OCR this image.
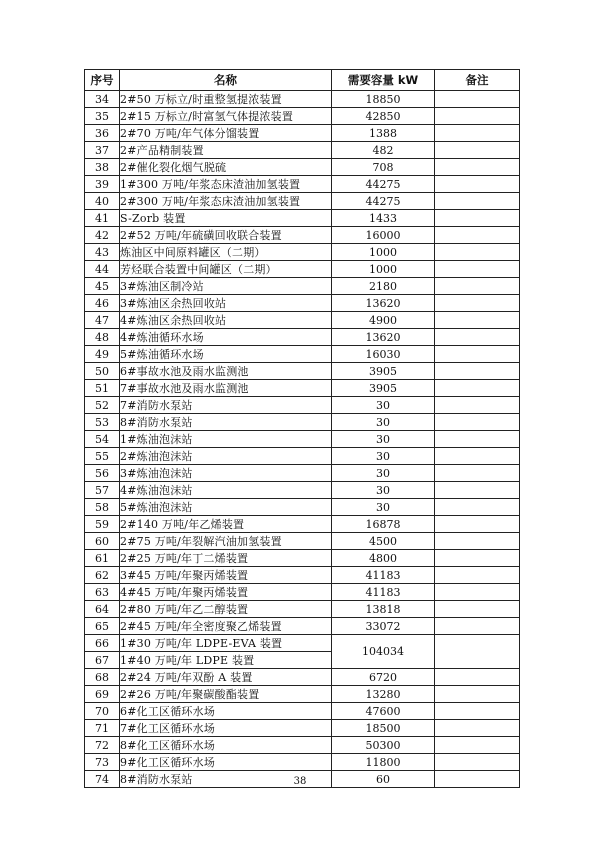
序号	名称	需要容量 kW	备注
34	2#50 万标立/时重整氢提浓装置	18850	
35	2#15 万标立/时富氢气体提浓装置	42850	
36	2#70 万吨/年气体分馏装置	1388	
37	2#产品精制装置	482	
38	2#催化裂化烟气脱硫	708	
39	1#300 万吨/年浆态床渣油加氢装置	44275	
40	2#300 万吨/年浆态床渣油加氢装置	44275	
41	S-Zorb 装置	1433	
42	2#52 万吨/年硫磺回收联合装置	16000	
43	炼油区中间原料罐区（二期）	1000	
44	芳烃联合装置中间罐区（二期）	1000	
45	3#炼油区制冷站	2180	
46	3#炼油区余热回收站	13620	
47	4#炼油区余热回收站	4900	
48	4#炼油循环水场	13620	
49	5#炼油循环水场	16030	
50	6#事故水池及雨水监测池	3905	
51	7#事故水池及雨水监测池	3905	
52	7#消防水泵站	30	
53	8#消防水泵站	30	
54	1#炼油泡沫站	30	
55	2#炼油泡沫站	30	
56	3#炼油泡沫站	30	
57	4#炼油泡沫站	30	
58	5#炼油泡沫站	30	
59	2#140 万吨/年乙烯装置	16878	
60	2#75 万吨/年裂解汽油加氢装置	4500	
61	2#25 万吨/年丁二烯装置	4800	
62	3#45 万吨/年聚丙烯装置	41183	
63	4#45 万吨/年聚丙烯装置	41183	
64	2#80 万吨/年乙二醇装置	13818	
65	2#45 万吨/年全密度聚乙烯装置	33072	
66	1#30 万吨/年 LDPE-EVA 装置	104034	
67	1#40 万吨/年 LDPE 装置		
68	2#24 万吨/年双酚 A 装置	6720	
69	2#26 万吨/年聚碳酸酯装置	13280	
70	6#化工区循环水场	47600	
71	7#化工区循环水场	18500	
72	8#化工区循环水场	50300	
73	9#化工区循环水场	11800	
74	8#消防水泵站	60	
38
